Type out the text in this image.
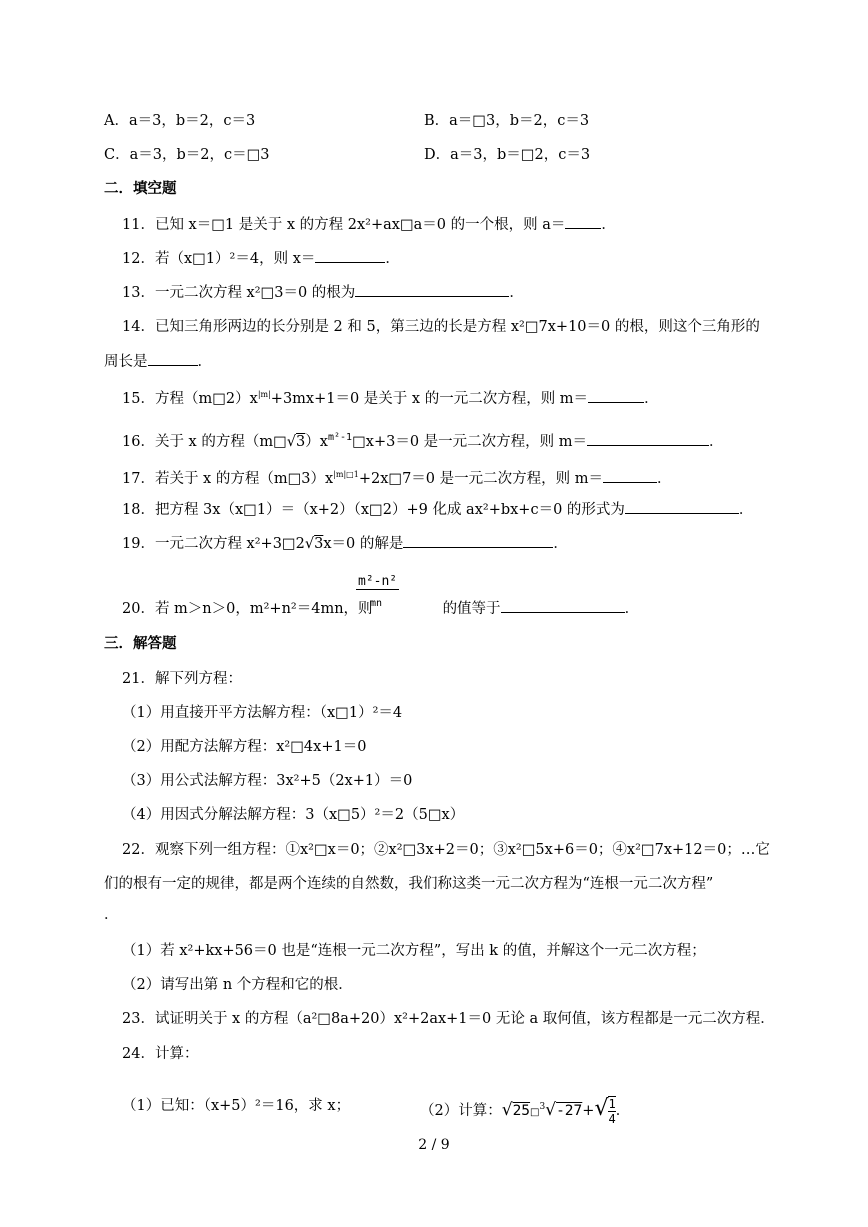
A．a＝3，b＝2，c＝3	B．a＝□3，b＝2，c＝3
C．a＝3，b＝2，c＝□3	D．a＝3，b＝□2，c＝3
二．填空题
11．已知 x＝□1 是关于 x 的方程 2x²+ax□a＝0 的一个根，则 a＝ ．
12．若（x□1）²＝4，则 x＝	．
13．一元二次方程 x²□3＝0 的根为	．
14．已知三角形两边的长分别是 2 和 5，第三边的长是方程 x²□7x+10＝0 的根，则这个三角形的
周长是	．
15．方程$(m□2)x^{|m|}+3mx+1=0$ 是关于 x 的一元二次方程，则 m＝	．
16．关于 x 的方程$(m□√3)x^{m^2-1}□x+3=0$ 是一元二次方程，则 m＝	．
17．若关于 x 的方程$(m□3)x^{|m|□1}+2x□7=0$ 是一元二次方程，则 m＝	．
18．把方程 3x（x□1）＝（x+2）（x□2）+9 化成 ax²+bx+c＝0 的形式为	．
19．一元二次方程 x²+3□2√3x＝0 的解是	．
20．若 m＞n＞0，m²+n²＝4mn，则	的值等于	．
m²-n²
mn
三．解答题
21．解下列方程：
（1）用直接开平方法解方程：（x□1）²＝4
（2）用配方法解方程：x²□4x+1＝0
（3）用公式法解方程：3x²+5（2x+1）＝0
（4）用因式分解法解方程：3（x□5）²＝2（5□x）
22．观察下列一组方程：①x²□x＝0；②x²□3x+2＝0；③x²□5x+6＝0；④x²□7x+12＝0；…它
们的根有一定的规律，都是两个连续的自然数，我们称这类一元二次方程为“连根一元二次方程”
．
（1）若 x²+kx+56＝0 也是“连根一元二次方程”，写出 k 的值，并解这个一元二次方程；
（2）请写出第 n 个方程和它的根．
23．试证明关于 x 的方程（a²□8a+20）x²+2ax+1＝0 无论 a 取何值，该方程都是一元二次方程．
24．计算：
（1）已知：（x+5）²＝16，求 x；	（2）计算：√25□$^3$√-27+√ $\frac{1}{4}$ ．
2 / 9
